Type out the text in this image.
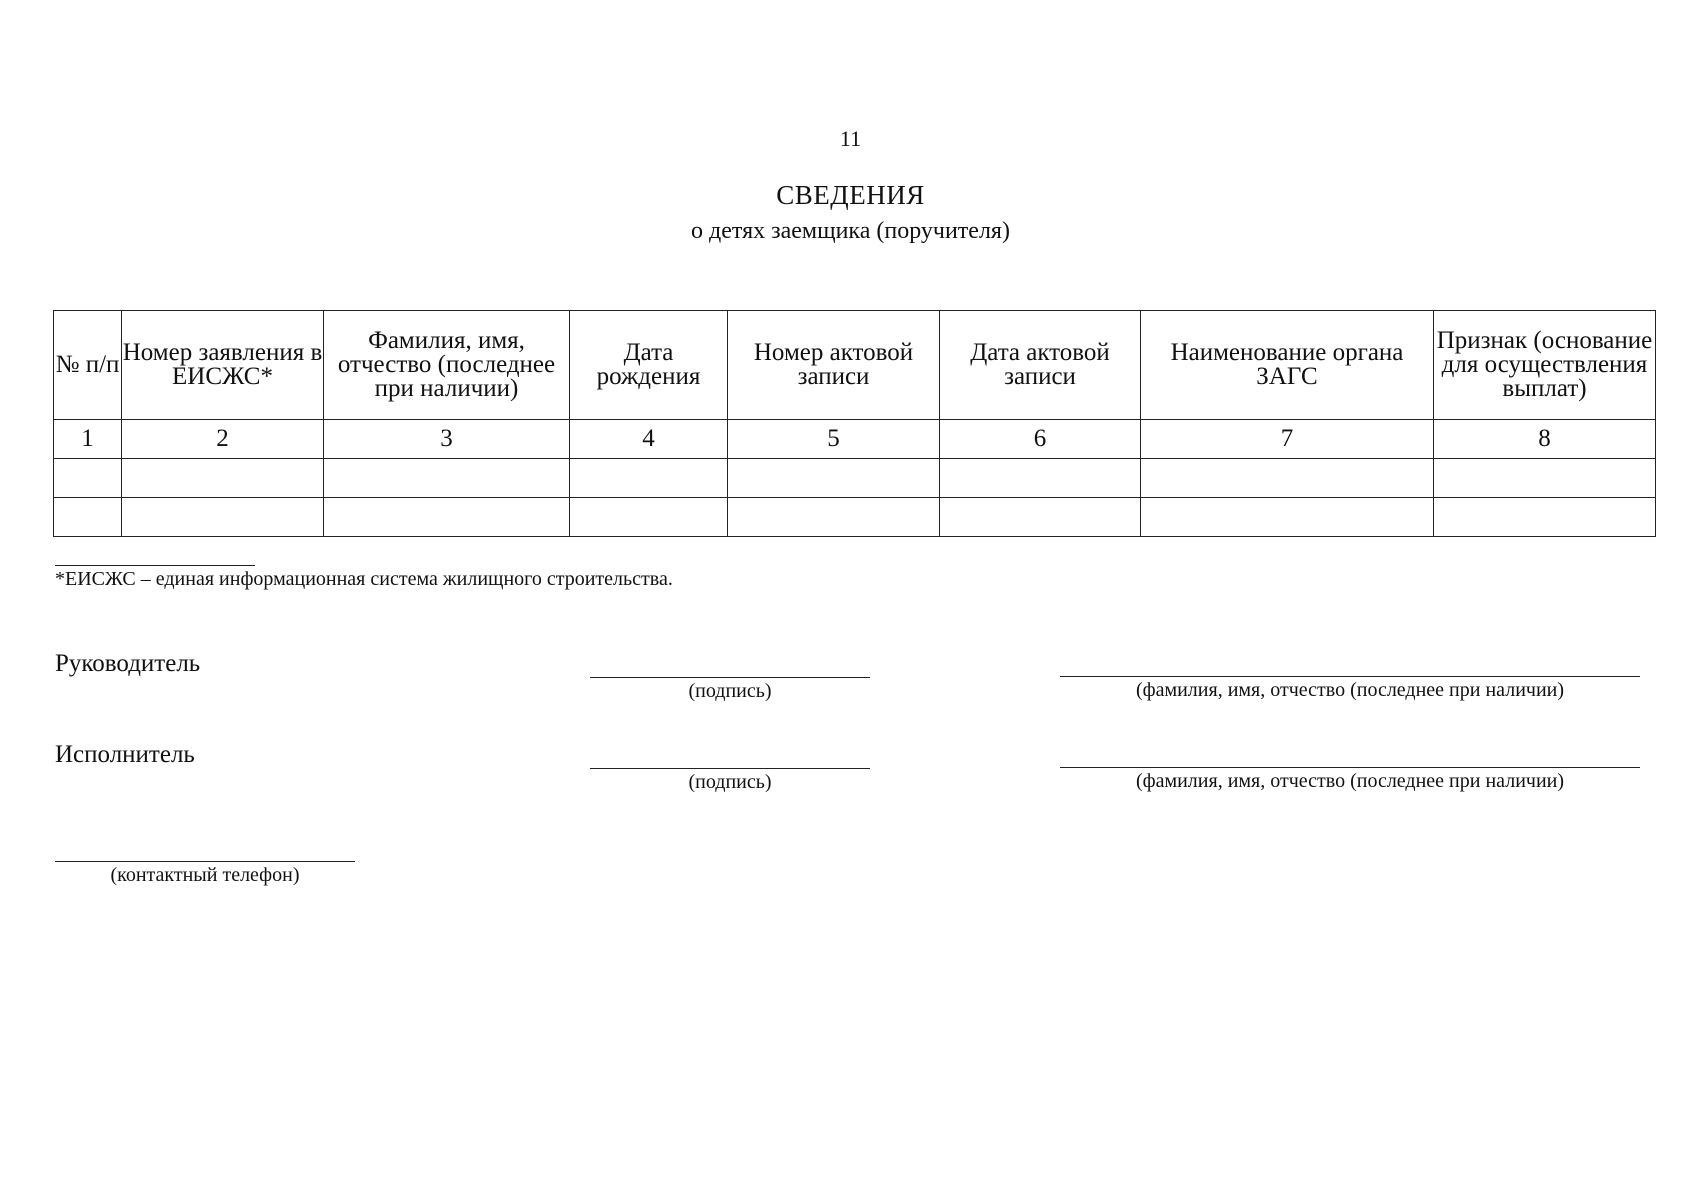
11
СВЕДЕНИЯ
о детях заемщика (поручителя)
№ п/п	Номер заявления в ЕИСЖС*	Фамилия, имя, отчество (последнее при наличии)	Дата рождения	Номер актовой записи	Дата актовой записи	Наименование органа ЗАГС	Признак (основание для осуществления выплат)
1	2	3	4	5	6	7	8

*ЕИСЖС – единая информационная система жилищного строительства.
Руководитель
(подпись)	(фамилия, имя, отчество (последнее при наличии)
Исполнитель
(подпись)	(фамилия, имя, отчество (последнее при наличии)
(контактный телефон)
